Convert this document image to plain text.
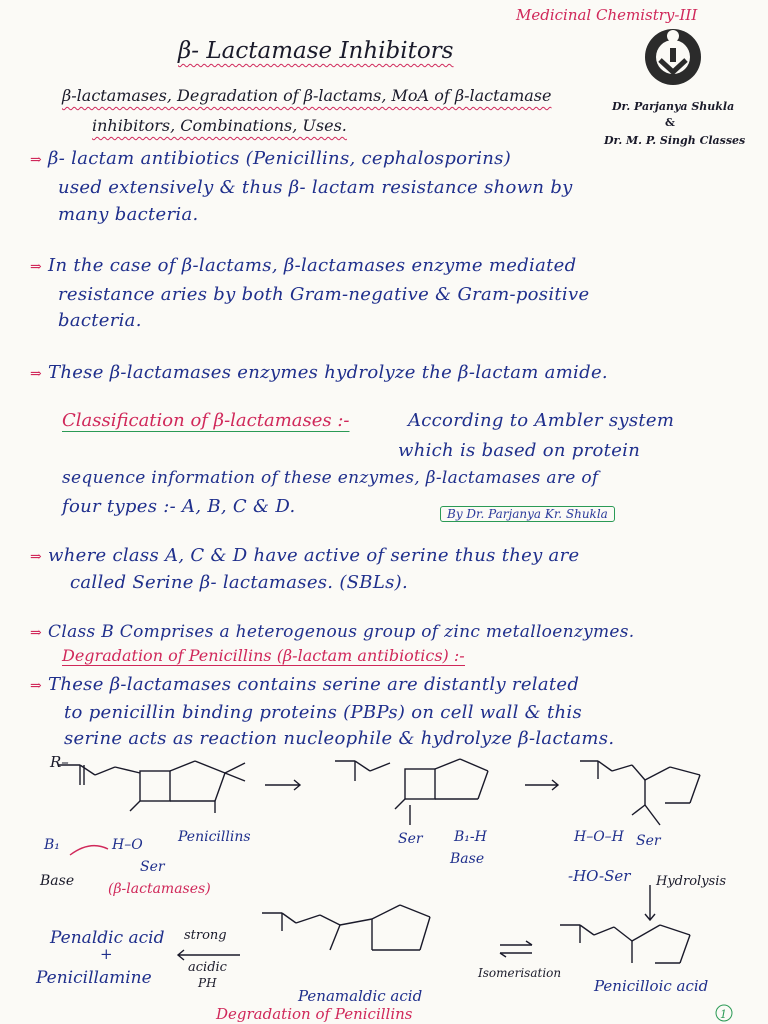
Medicinal Chemistry-III
Dr. Parjanya Shukla
&
Dr. M. P. Singh Classes
β- Lactamase Inhibitors
β-lactamases, Degradation of β-lactams, MoA of β-lactamase
inhibitors, Combinations, Uses.
⇒ β- lactam antibiotics (Penicillins, cephalosporins)
used extensively & thus β- lactam resistance shown by
many bacteria.
⇒ In the case of β-lactams, β-lactamases enzyme mediated
resistance aries by both Gram-negative & Gram-positive
bacteria.
⇒ These β-lactamases enzymes hydrolyze the β-lactam amide.
Classification of β-lactamases :-	According to Ambler system
which is based on protein
sequence information of these enzymes, β-lactamases are of
four types :- A, B, C & D.	By Dr. Parjanya Kr. Shukla
⇒ where class A, C & D have active of serine thus they are
called Serine β- lactamases. (SBLs).
⇒ Class B Comprises a heterogenous group of zinc metalloenzymes.
Degradation of Penicillins (β-lactam antibiotics) :-
⇒ These β-lactamases contains serine are distantly related
to penicillin binding proteins (PBPs) on cell wall & this
serine acts as reaction nucleophile & hydrolyze β-lactams.
R–
Penicillins
B₁	H–O
Ser
Base (β-lactamases)
Ser B₁-H
Base
H–O–H Ser
-HO-Ser Hydrolysis
Penaldic acid
+
Penicillamine
strong
acidic
PH
Penamaldic acid
Isomerisation
Penicilloic acid
Degradation of Penicillins	1
